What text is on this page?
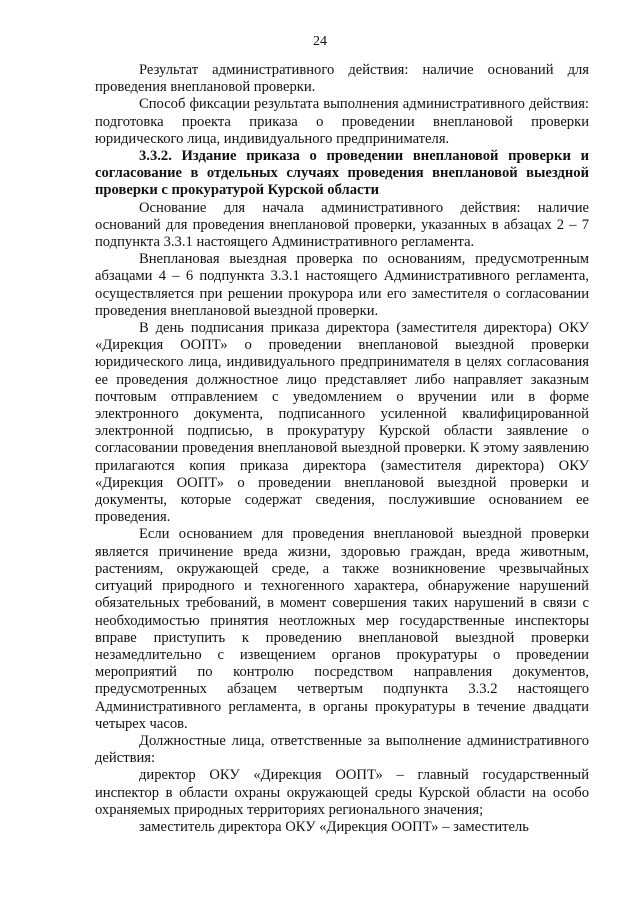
24

Результат административного действия: наличие оснований для проведения внеплановой проверки.

Способ фиксации результата выполнения административного действия: подготовка проекта приказа о проведении внеплановой проверки юридического лица, индивидуального предпринимателя.

3.3.2. Издание приказа о проведении внеплановой проверки и согласование в отдельных случаях проведения внеплановой выездной проверки с прокуратурой Курской области

Основание для начала административного действия: наличие оснований для проведения внеплановой проверки, указанных в абзацах 2 – 7 подпункта 3.3.1 настоящего Административного регламента.

Внеплановая выездная проверка по основаниям, предусмотренным абзацами 4 – 6 подпункта 3.3.1 настоящего Административного регламента, осуществляется при решении прокурора или его заместителя о согласовании проведения внеплановой выездной проверки.

В день подписания приказа директора (заместителя директора) ОКУ «Дирекция ООПТ» о проведении внеплановой выездной проверки юридического лица, индивидуального предпринимателя в целях согласования ее проведения должностное лицо представляет либо направляет заказным почтовым отправлением с уведомлением о вручении или в форме электронного документа, подписанного усиленной квалифицированной электронной подписью, в прокуратуру Курской области заявление о согласовании проведения внеплановой выездной проверки. К этому заявлению прилагаются копия приказа директора (заместителя директора) ОКУ «Дирекция ООПТ» о проведении внеплановой выездной проверки и документы, которые содержат сведения, послужившие основанием ее проведения.

Если основанием для проведения внеплановой выездной проверки является причинение вреда жизни, здоровью граждан, вреда животным, растениям, окружающей среде, а также возникновение чрезвычайных ситуаций природного и техногенного характера, обнаружение нарушений обязательных требований, в момент совершения таких нарушений в связи с необходимостью принятия неотложных мер государственные инспекторы вправе приступить к проведению внеплановой выездной проверки незамедлительно с извещением органов прокуратуры о проведении мероприятий по контролю посредством направления документов, предусмотренных абзацем четвертым подпункта 3.3.2 настоящего Административного регламента, в органы прокуратуры в течение двадцати четырех часов.

Должностные лица, ответственные за выполнение административного действия:

директор ОКУ «Дирекция ООПТ» – главный государственный инспектор в области охраны окружающей среды Курской области на особо охраняемых природных территориях регионального значения;

заместитель директора ОКУ «Дирекция ООПТ» – заместитель
